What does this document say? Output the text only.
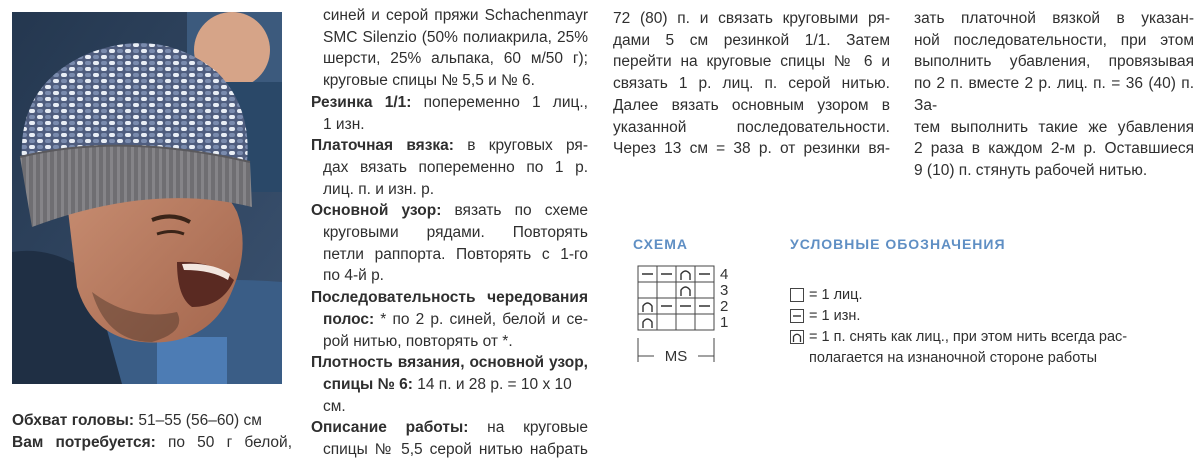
Обхват головы: 51–55 (56–60) см

Вам потребуется: по 50 г белой,

синей и серой пряжи Schachenmayr

SMC Silenzio (50% полиакрила, 25%

шерсти, 25% альпака, 60 м/50 г);

круговые спицы № 5,5 и № 6.

Резинка 1/1: попеременно 1 лиц.,

1 изн.

Платочная вязка: в круговых ря-

дах вязать попеременно по 1 р.

лиц. п. и изн. р.

Основной узор: вязать по схеме

круговыми рядами. Повторять

петли раппорта. Повторять с 1-го

по 4-й р.

Последовательность чередования

полос: * по 2 р. синей, белой и се-

рой нитью, повторять от *.

Плотность вязания, основной узор,

спицы № 6: 14 п. и 28 р. = 10 х 10 см.

Описание работы: на круговые

спицы № 5,5 серой нитью набрать

72 (80) п. и связать круговыми ря-

дами 5 см резинкой 1/1. Затем

перейти на круговые спицы № 6 и

связать 1 р. лиц. п. серой нитью.

Далее вязать основным узором в

указанной последовательности.

Через 13 см = 38 р. от резинки вя-

зать платочной вязкой в указан-

ной последовательности, при этом

выполнить убавления, провязывая

по 2 п. вместе 2 р. лиц. п. = 36 (40) п. За-

тем выполнить такие же убавления

2 раза в каждом 2-м р. Оставшиеся

9 (10) п. стянуть рабочей нитью.

СХЕМА
4
3
2
1
MS
УСЛОВНЫЕ ОБОЗНАЧЕНИЯ

= 1 лиц.

= 1 изн.

= 1 п. снять как лиц., при этом нить всегда рас-
полагается на изнаночной стороне работы
